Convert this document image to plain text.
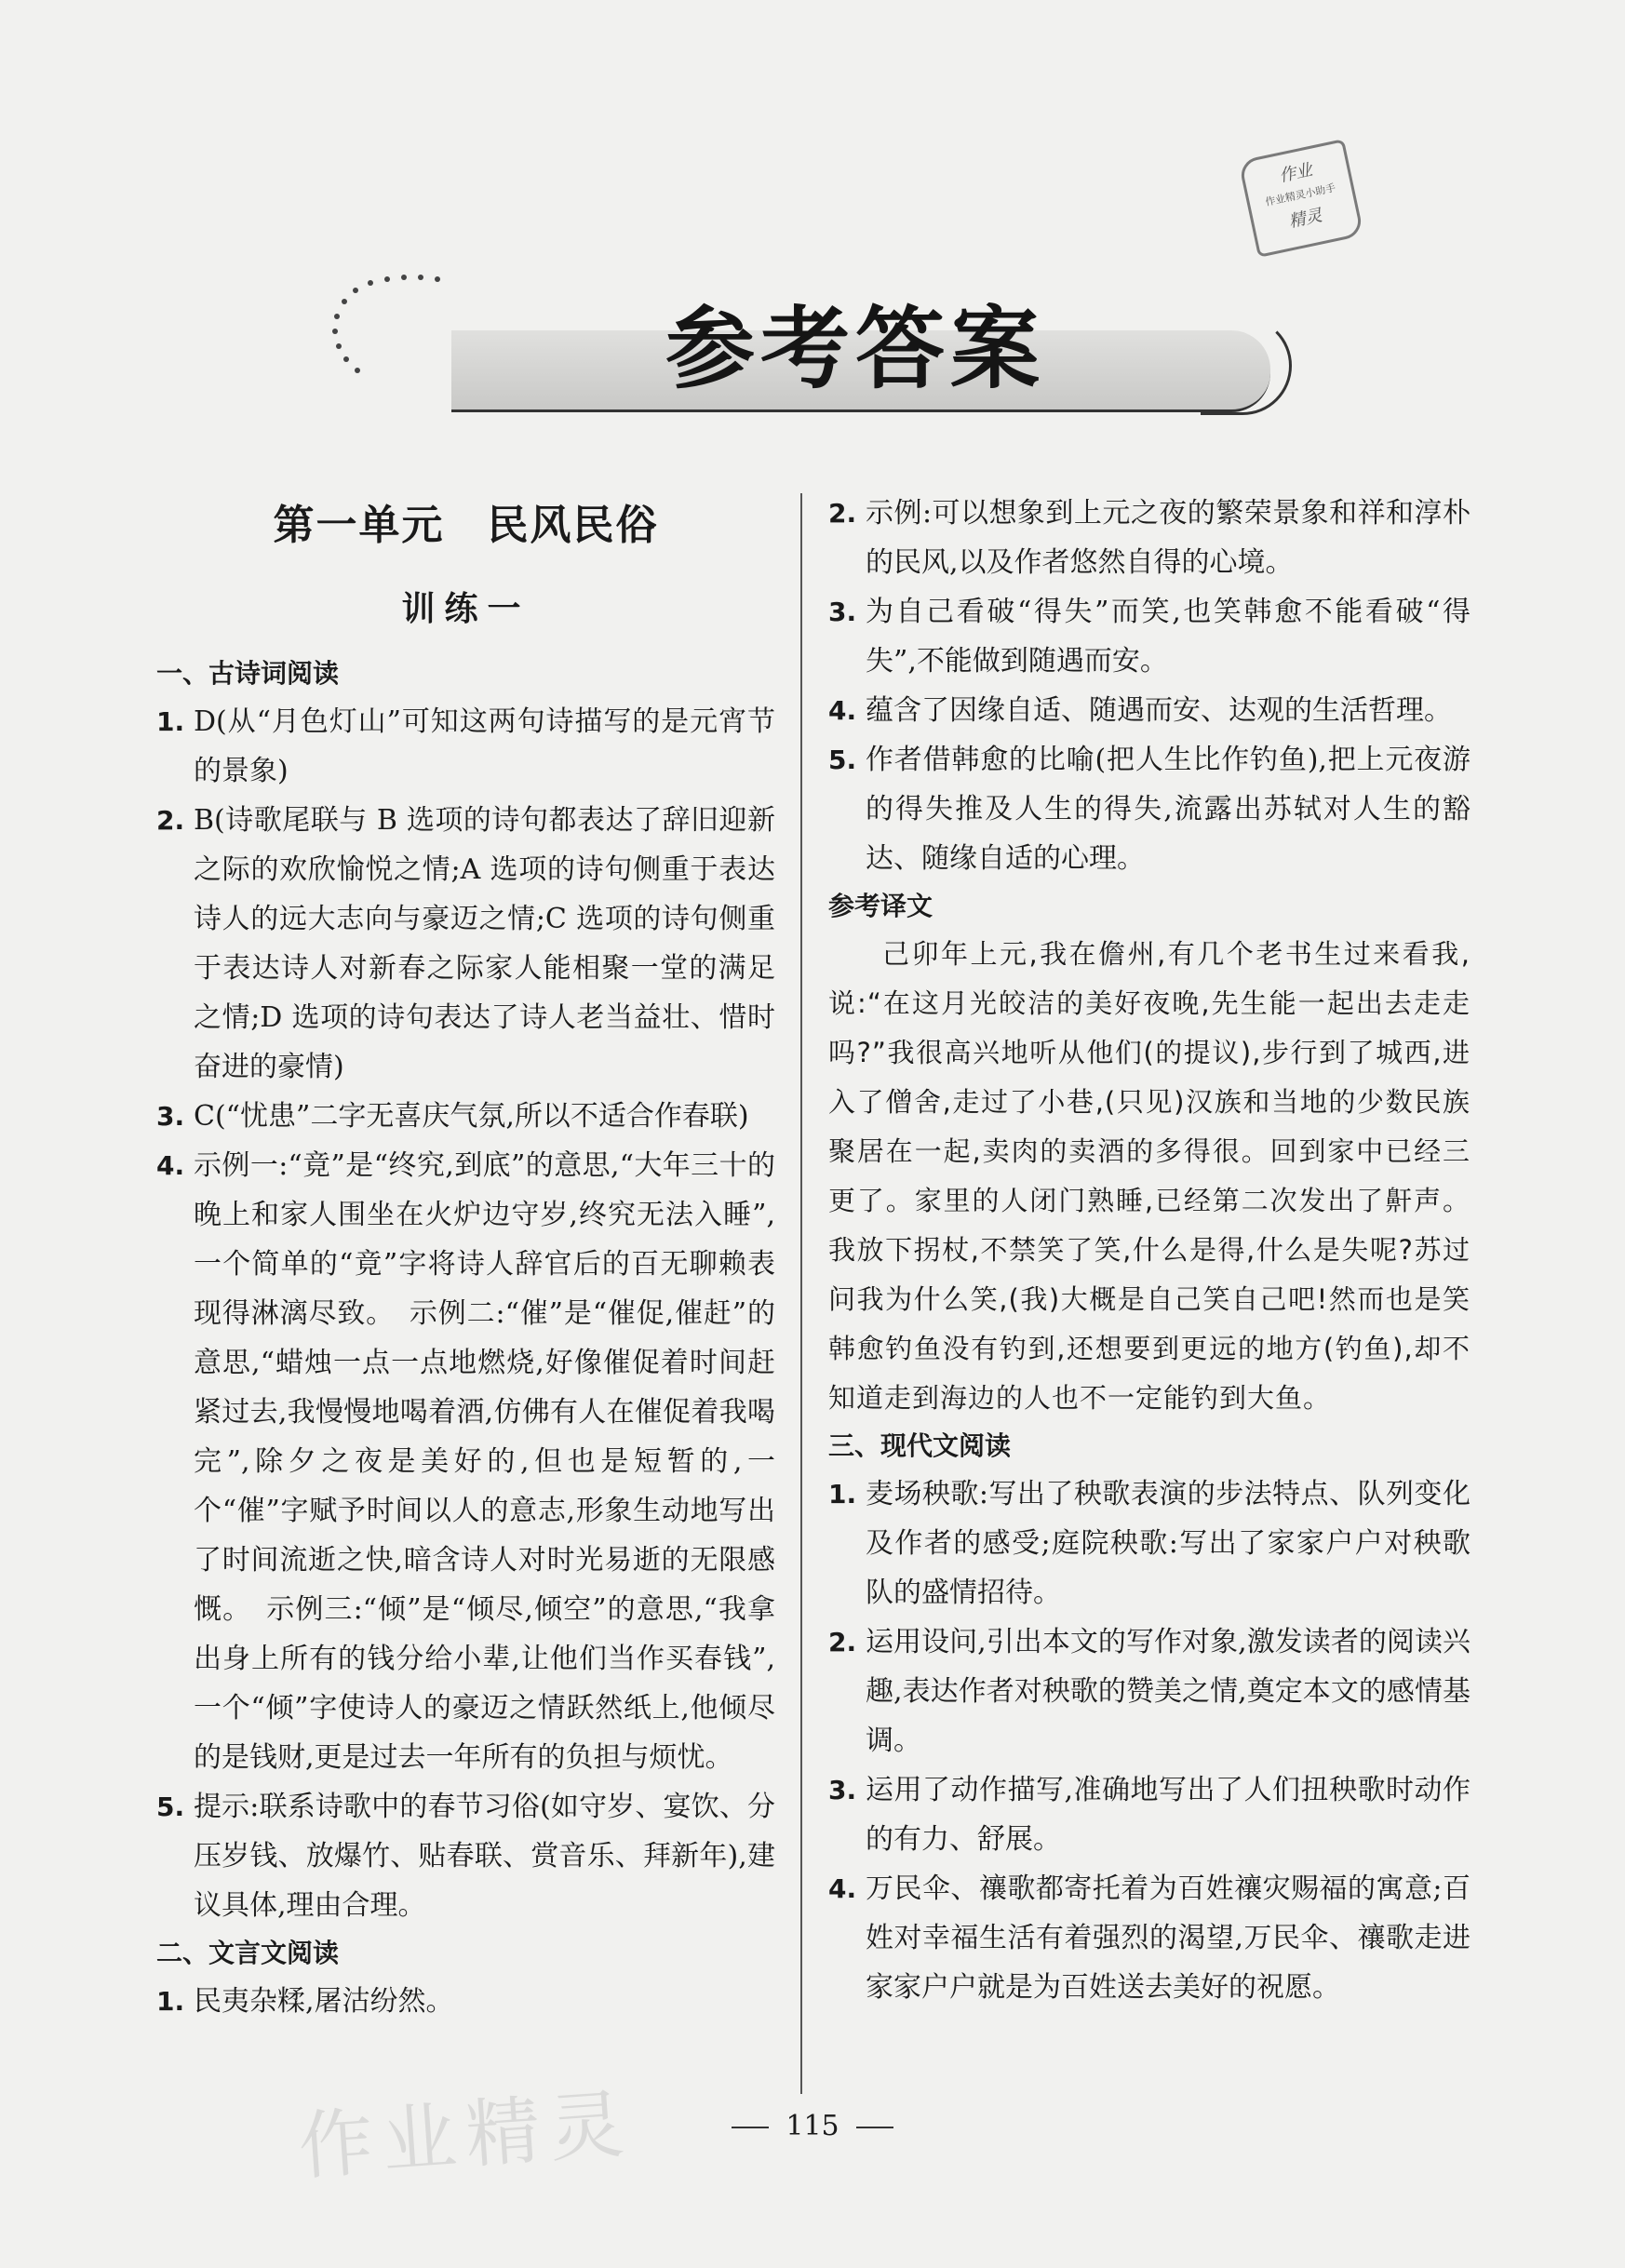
作业
作业精灵小助手
精灵
参考答案
第一单元　民风民俗
训练一
一、古诗词阅读
1. D(从“月色灯山”可知这两句诗描写的是元宵节的景象)
2. B(诗歌尾联与 B 选项的诗句都表达了辞旧迎新之际的欢欣愉悦之情;A 选项的诗句侧重于表达诗人的远大志向与豪迈之情;C 选项的诗句侧重于表达诗人对新春之际家人能相聚一堂的满足之情;D 选项的诗句表达了诗人老当益壮、惜时奋进的豪情)
3. C(“忧患”二字无喜庆气氛,所以不适合作春联)
4. 示例一:“竟”是“终究,到底”的意思,“大年三十的晚上和家人围坐在火炉边守岁,终究无法入睡”,一个简单的“竟”字将诗人辞官后的百无聊赖表现得淋漓尽致。　示例二:“催”是“催促,催赶”的意思,“蜡烛一点一点地燃烧,好像催促着时间赶紧过去,我慢慢地喝着酒,仿佛有人在催促着我喝完”,除夕之夜是美好的,但也是短暂的,一个“催”字赋予时间以人的意志,形象生动地写出了时间流逝之快,暗含诗人对时光易逝的无限感慨。　示例三:“倾”是“倾尽,倾空”的意思,“我拿出身上所有的钱分给小辈,让他们当作买春钱”,一个“倾”字使诗人的豪迈之情跃然纸上,他倾尽的是钱财,更是过去一年所有的负担与烦忧。
5. 提示:联系诗歌中的春节习俗(如守岁、宴饮、分压岁钱、放爆竹、贴春联、赏音乐、拜新年),建议具体,理由合理。
二、文言文阅读
1. 民夷杂糅,屠沽纷然。
2. 示例:可以想象到上元之夜的繁荣景象和祥和淳朴的民风,以及作者悠然自得的心境。
3. 为自己看破“得失”而笑,也笑韩愈不能看破“得失”,不能做到随遇而安。
4. 蕴含了因缘自适、随遇而安、达观的生活哲理。
5. 作者借韩愈的比喻(把人生比作钓鱼),把上元夜游的得失推及人生的得失,流露出苏轼对人生的豁达、随缘自适的心理。
参考译文
己卯年上元,我在儋州,有几个老书生过来看我,说:“在这月光皎洁的美好夜晚,先生能一起出去走走吗?”我很高兴地听从他们(的提议),步行到了城西,进入了僧舍,走过了小巷,(只见)汉族和当地的少数民族聚居在一起,卖肉的卖酒的多得很。回到家中已经三更了。家里的人闭门熟睡,已经第二次发出了鼾声。我放下拐杖,不禁笑了笑,什么是得,什么是失呢?苏过问我为什么笑,(我)大概是自己笑自己吧!然而也是笑韩愈钓鱼没有钓到,还想要到更远的地方(钓鱼),却不知道走到海边的人也不一定能钓到大鱼。
三、现代文阅读
1. 麦场秧歌:写出了秧歌表演的步法特点、队列变化及作者的感受;庭院秧歌:写出了家家户户对秧歌队的盛情招待。
2. 运用设问,引出本文的写作对象,激发读者的阅读兴趣,表达作者对秧歌的赞美之情,奠定本文的感情基调。
3. 运用了动作描写,准确地写出了人们扭秧歌时动作的有力、舒展。
4. 万民伞、禳歌都寄托着为百姓禳灾赐福的寓意;百姓对幸福生活有着强烈的渴望,万民伞、禳歌走进家家户户就是为百姓送去美好的祝愿。
作业精灵	115
